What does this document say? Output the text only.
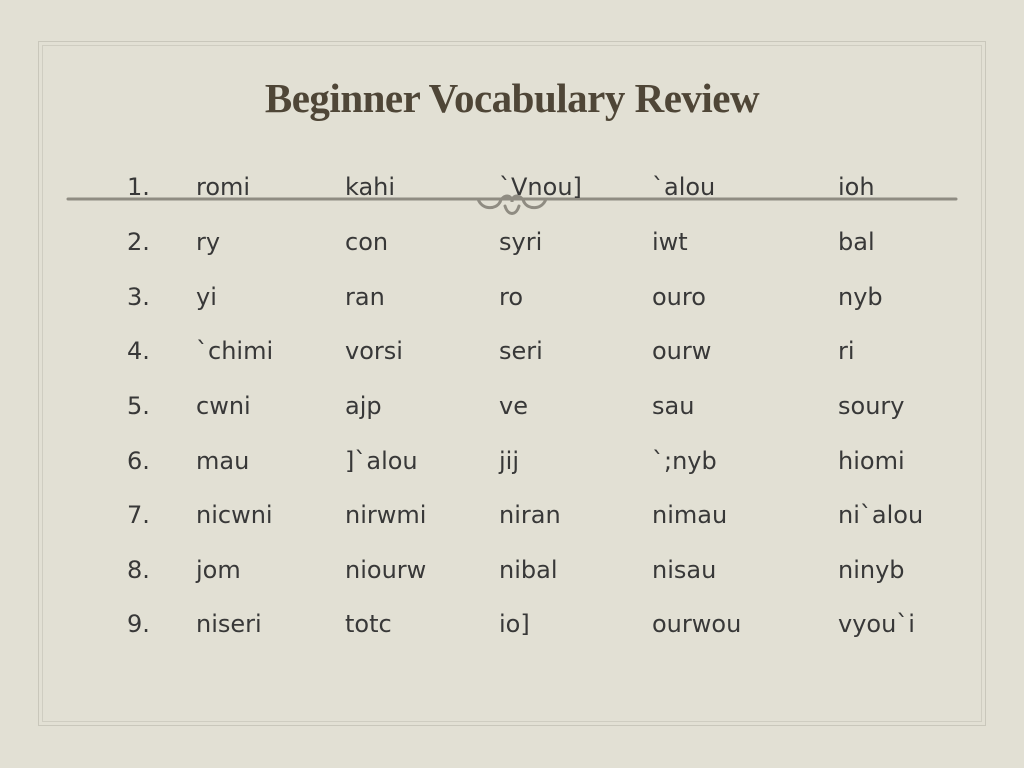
Beginner Vocabulary Review
1. romi	kahi	`Vnou]	`alou	ioh
2. ry	con	syri	iwt	bal
3. yi	ran	ro	ouro	nyb
4. `chimi	vorsi	seri	ourw	ri
5. cwni	ajp	ve	sau	soury
6. mau	]`alou	jij	`;nyb	hiomi
7. nicwni	nirwmi	niran	nimau	ni`alou
8. jom	niourw	nibal	nisau	ninyb
9. niseri	totc	io]	ourwou	vyou`i
